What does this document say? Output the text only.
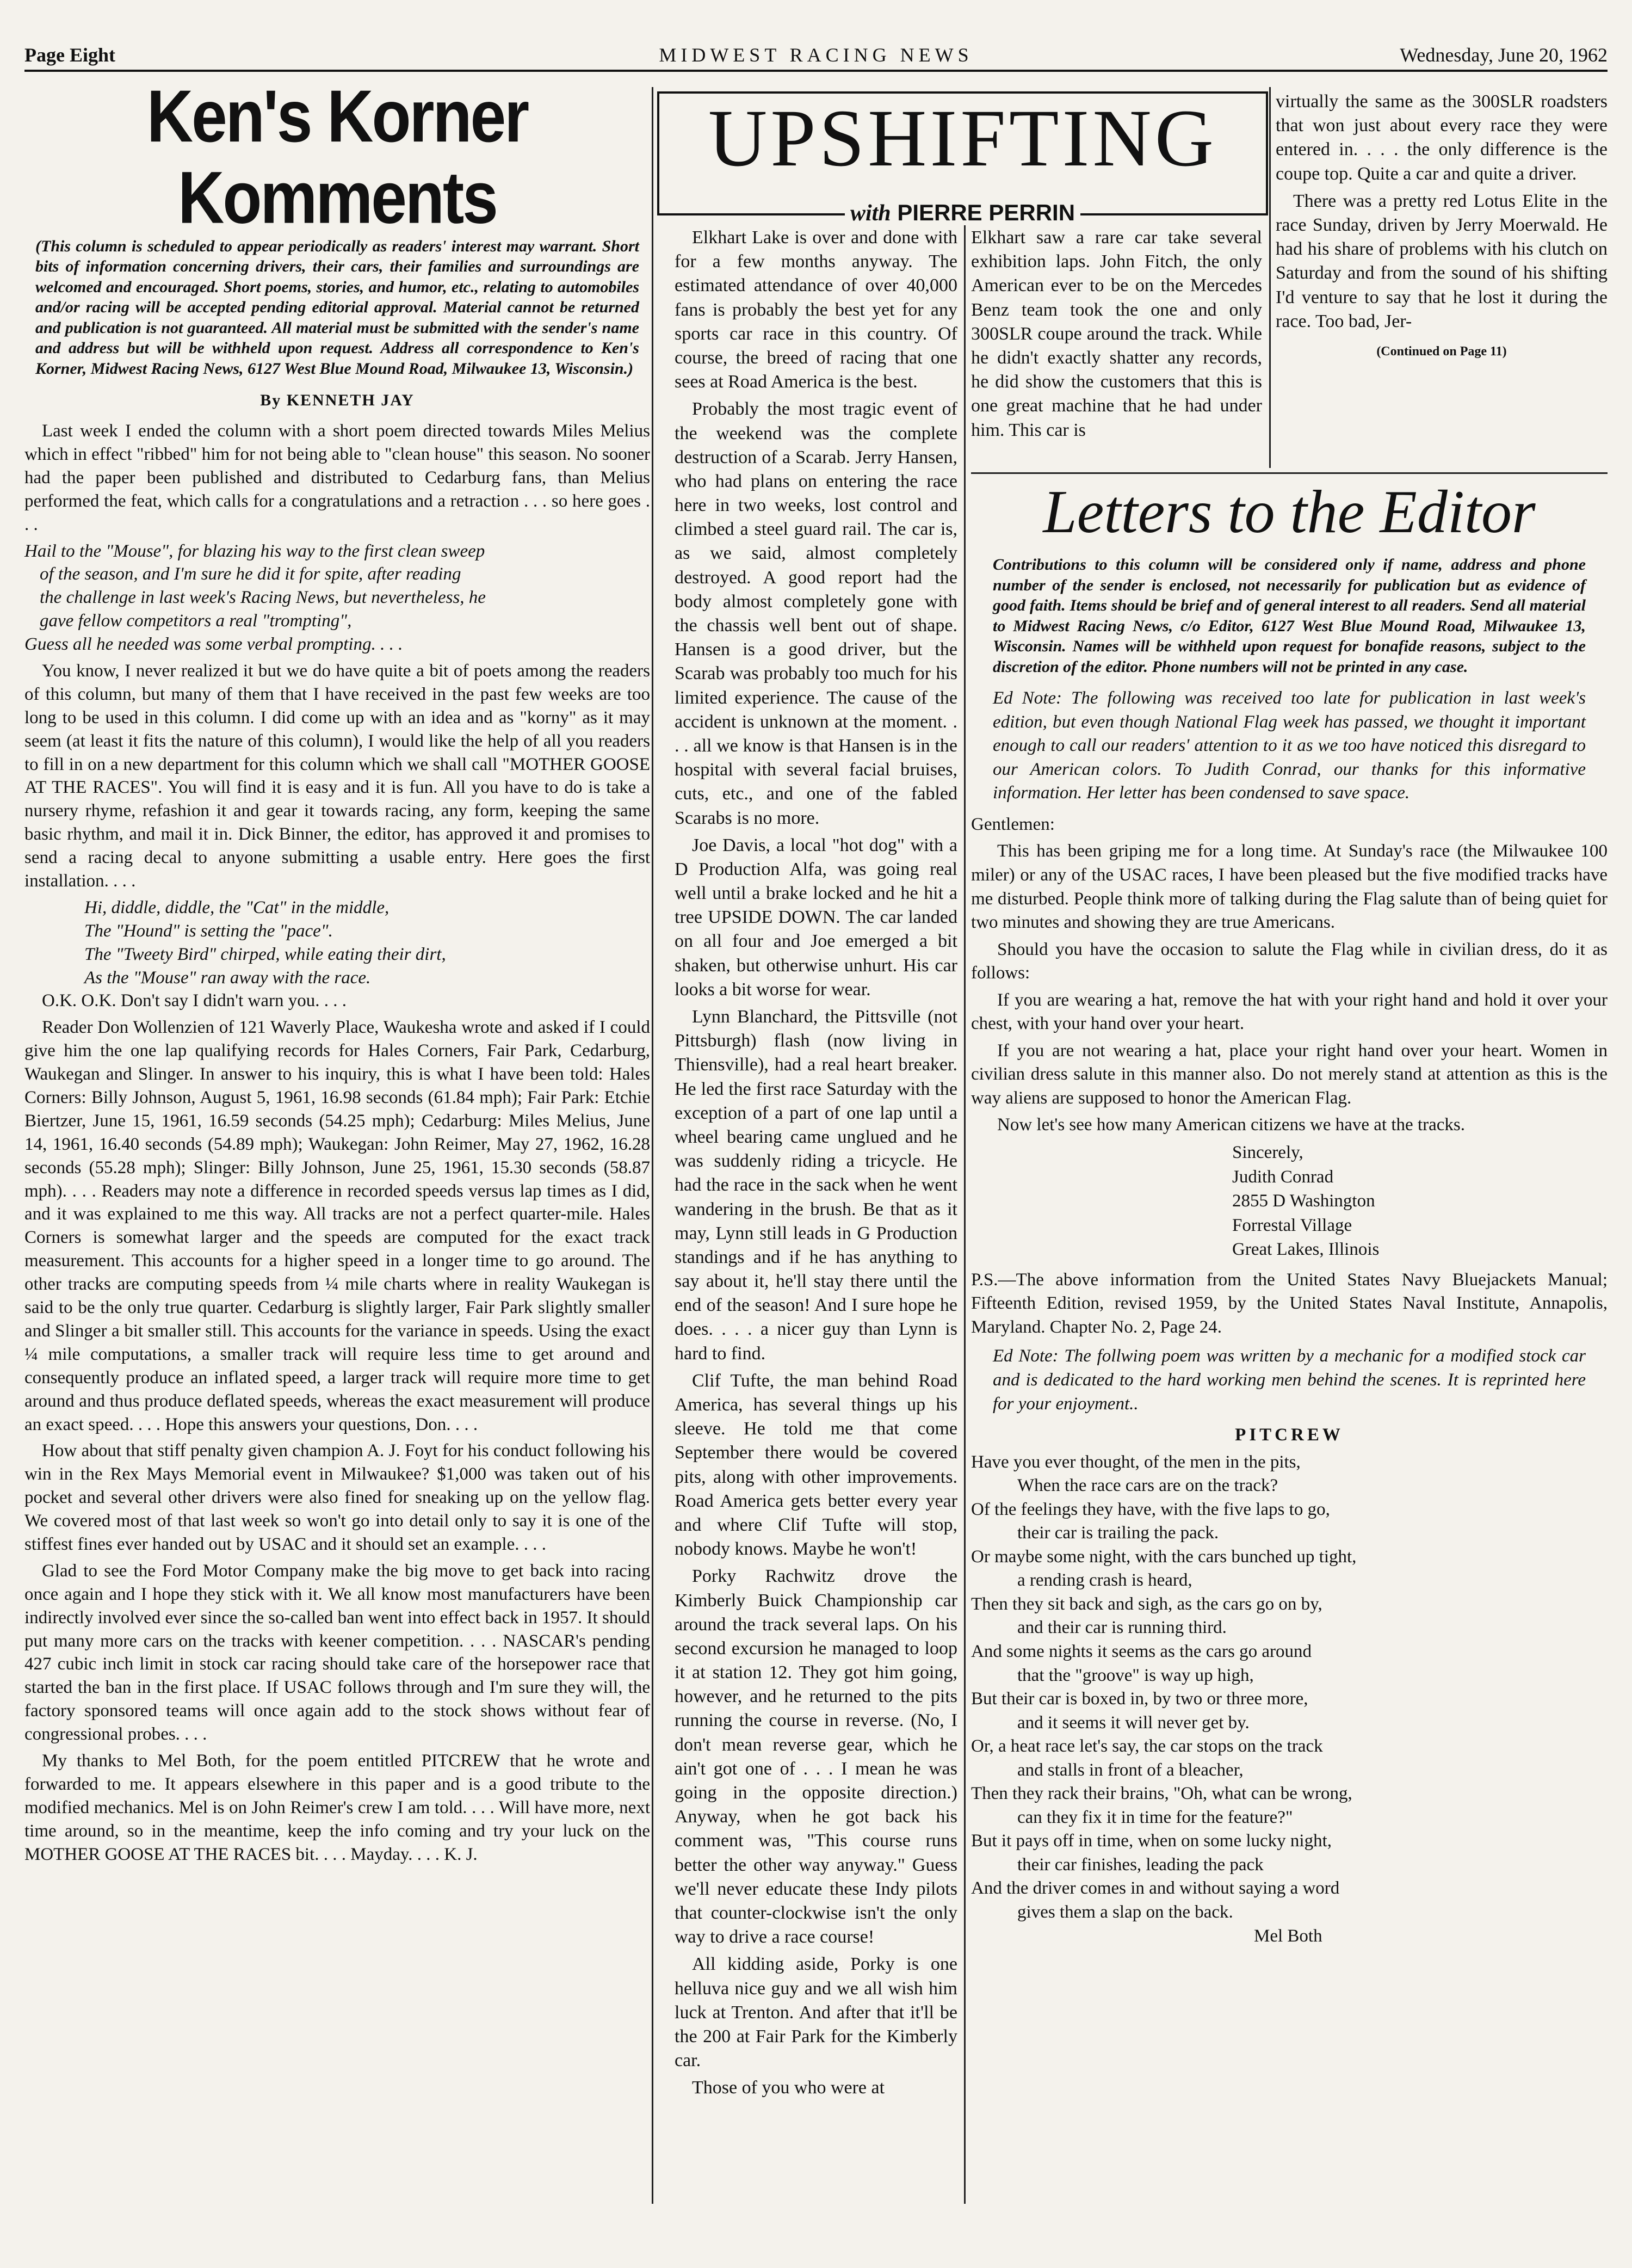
Page Eight	MIDWEST RACING NEWS	Wednesday, June 20, 1962
Ken's Korner Komments
(This column is scheduled to appear periodically as readers' interest may warrant. Short bits of information concerning drivers, their cars, their families and surroundings are welcomed and encouraged. Short poems, stories, and humor, etc., relating to automobiles and/or racing will be accepted pending editorial approval. Material cannot be returned and publication is not guaranteed. All material must be submitted with the sender's name and address but will be withheld upon request. Address all correspondence to Ken's Korner, Midwest Racing News, 6127 West Blue Mound Road, Milwaukee 13, Wisconsin.)
By KENNETH JAY

Last week I ended the column with a short poem directed towards Miles Melius which in effect "ribbed" him for not being able to "clean house" this season. No sooner had the paper been published and distributed to Cedarburg fans, than Melius performed the feat, which calls for a congratulations and a retraction . . . so here goes . . .

Hail to the "Mouse", for blazing his way to the first clean sweep
of the season, and I'm sure he did it for spite, after reading
the challenge in last week's Racing News, but nevertheless, he
gave fellow competitors a real "trompting",
Guess all he needed was some verbal prompting. . . .

You know, I never realized it but we do have quite a bit of poets among the readers of this column, but many of them that I have received in the past few weeks are too long to be used in this column. I did come up with an idea and as "korny" as it may seem (at least it fits the nature of this column), I would like the help of all you readers to fill in on a new department for this column which we shall call "MOTHER GOOSE AT THE RACES". You will find it is easy and it is fun. All you have to do is take a nursery rhyme, refashion it and gear it towards racing, any form, keeping the same basic rhythm, and mail it in. Dick Binner, the editor, has approved it and promises to send a racing decal to anyone submitting a usable entry. Here goes the first installation. . . .

Hi, diddle, diddle, the "Cat" in the middle,
The "Hound" is setting the "pace".
The "Tweety Bird" chirped, while eating their dirt,
As the "Mouse" ran away with the race.

O.K. O.K. Don't say I didn't warn you. . . .

Reader Don Wollenzien of 121 Waverly Place, Waukesha wrote and asked if I could give him the one lap qualifying records for Hales Corners, Fair Park, Cedarburg, Waukegan and Slinger. In answer to his inquiry, this is what I have been told: Hales Corners: Billy Johnson, August 5, 1961, 16.98 seconds (61.84 mph); Fair Park: Etchie Biertzer, June 15, 1961, 16.59 seconds (54.25 mph); Cedarburg: Miles Melius, June 14, 1961, 16.40 seconds (54.89 mph); Waukegan: John Reimer, May 27, 1962, 16.28 seconds (55.28 mph); Slinger: Billy Johnson, June 25, 1961, 15.30 seconds (58.87 mph). . . . Readers may note a difference in recorded speeds versus lap times as I did, and it was explained to me this way. All tracks are not a perfect quarter-mile. Hales Corners is somewhat larger and the speeds are computed for the exact track measurement. This accounts for a higher speed in a longer time to go around. The other tracks are computing speeds from ¼ mile charts where in reality Waukegan is said to be the only true quarter. Cedarburg is slightly larger, Fair Park slightly smaller and Slinger a bit smaller still. This accounts for the variance in speeds. Using the exact ¼ mile computations, a smaller track will require less time to get around and consequently produce an inflated speed, a larger track will require more time to get around and thus produce deflated speeds, whereas the exact measurement will produce an exact speed. . . . Hope this answers your questions, Don. . . .

How about that stiff penalty given champion A. J. Foyt for his conduct following his win in the Rex Mays Memorial event in Milwaukee? $1,000 was taken out of his pocket and several other drivers were also fined for sneaking up on the yellow flag. We covered most of that last week so won't go into detail only to say it is one of the stiffest fines ever handed out by USAC and it should set an example. . . .

Glad to see the Ford Motor Company make the big move to get back into racing once again and I hope they stick with it. We all know most manufacturers have been indirectly involved ever since the so-called ban went into effect back in 1957. It should put many more cars on the tracks with keener competition. . . . NASCAR's pending 427 cubic inch limit in stock car racing should take care of the horsepower race that started the ban in the first place. If USAC follows through and I'm sure they will, the factory sponsored teams will once again add to the stock shows without fear of congressional probes. . . .

My thanks to Mel Both, for the poem entitled PITCREW that he wrote and forwarded to me. It appears elsewhere in this paper and is a good tribute to the modified mechanics. Mel is on John Reimer's crew I am told. . . . Will have more, next time around, so in the meantime, keep the info coming and try your luck on the MOTHER GOOSE AT THE RACES bit. . . . Mayday. . . . K. J.

UPSHIFTING
with PIERRE PERRIN

Elkhart Lake is over and done with for a few months anyway. The estimated attendance of over 40,000 fans is probably the best yet for any sports car race in this country. Of course, the breed of racing that one sees at Road America is the best.

Probably the most tragic event of the weekend was the complete destruction of a Scarab. Jerry Hansen, who had plans on entering the race here in two weeks, lost control and climbed a steel guard rail. The car is, as we said, almost completely destroyed. A good report had the body almost completely gone with the chassis well bent out of shape. Hansen is a good driver, but the Scarab was probably too much for his limited experience. The cause of the accident is unknown at the moment. . . . all we know is that Hansen is in the hospital with several facial bruises, cuts, etc., and one of the fabled Scarabs is no more.

Joe Davis, a local "hot dog" with a D Production Alfa, was going real well until a brake locked and he hit a tree UPSIDE DOWN. The car landed on all four and Joe emerged a bit shaken, but otherwise unhurt. His car looks a bit worse for wear.

Lynn Blanchard, the Pittsville (not Pittsburgh) flash (now living in Thiensville), had a real heart breaker. He led the first race Saturday with the exception of a part of one lap until a wheel bearing came unglued and he was suddenly riding a tricycle. He had the race in the sack when he went wandering in the brush. Be that as it may, Lynn still leads in G Production standings and if he has anything to say about it, he'll stay there until the end of the season! And I sure hope he does. . . . a nicer guy than Lynn is hard to find.

Clif Tufte, the man behind Road America, has several things up his sleeve. He told me that come September there would be covered pits, along with other improvements. Road America gets better every year and where Clif Tufte will stop, nobody knows. Maybe he won't!

Porky Rachwitz drove the Kimberly Buick Championship car around the track several laps. On his second excursion he managed to loop it at station 12. They got him going, however, and he returned to the pits running the course in reverse. (No, I don't mean reverse gear, which he ain't got one of . . . I mean he was going in the opposite direction.) Anyway, when he got back his comment was, "This course runs better the other way anyway." Guess we'll never educate these Indy pilots that counter-clockwise isn't the only way to drive a race course!

All kidding aside, Porky is one helluva nice guy and we all wish him luck at Trenton. And after that it'll be the 200 at Fair Park for the Kimberly car.

Those of you who were at

Elkhart saw a rare car take several exhibition laps. John Fitch, the only American ever to be on the Mercedes Benz team took the one and only 300SLR coupe around the track. While he didn't exactly shatter any records, he did show the customers that this is one great machine that he had under him. This car is

virtually the same as the 300SLR roadsters that won just about every race they were entered in. . . . the only difference is the coupe top. Quite a car and quite a driver.

There was a pretty red Lotus Elite in the race Sunday, driven by Jerry Moerwald. He had his share of problems with his clutch on Saturday and from the sound of his shifting I'd venture to say that he lost it during the race. Too bad, Jer-

(Continued on Page 11)
Letters to the Editor
Contributions to this column will be considered only if name, address and phone number of the sender is enclosed, not necessarily for publication but as evidence of good faith. Items should be brief and of general interest to all readers. Send all material to Midwest Racing News, c/o Editor, 6127 West Blue Mound Road, Milwaukee 13, Wisconsin. Names will be withheld upon request for bonafide reasons, subject to the discretion of the editor. Phone numbers will not be printed in any case.
Ed Note: The following was received too late for publication in last week's edition, but even though National Flag week has passed, we thought it important enough to call our readers' attention to it as we too have noticed this disregard to our American colors. To Judith Conrad, our thanks for this informative information. Her letter has been condensed to save space.

Gentlemen:

This has been griping me for a long time. At Sunday's race (the Milwaukee 100 miler) or any of the USAC races, I have been pleased but the five modified tracks have me disturbed. People think more of talking during the Flag salute than of being quiet for two minutes and showing they are true Americans.

Should you have the occasion to salute the Flag while in civilian dress, do it as follows:

If you are wearing a hat, remove the hat with your right hand and hold it over your chest, with your hand over your heart.

If you are not wearing a hat, place your right hand over your heart. Women in civilian dress salute in this manner also. Do not merely stand at attention as this is the way aliens are supposed to honor the American Flag.

Now let's see how many American citizens we have at the tracks.

Sincerely,
Judith Conrad
2855 D Washington
Forrestal Village
Great Lakes, Illinois

P.S.—The above information from the United States Navy Bluejackets Manual; Fifteenth Edition, revised 1959, by the United States Naval Institute, Annapolis, Maryland. Chapter No. 2, Page 24.

Ed Note: The follwing poem was written by a mechanic for a modified stock car and is dedicated to the hard working men behind the scenes. It is reprinted here for your enjoyment..
PITCREW
Have you ever thought, of the men in the pits,
When the race cars are on the track?
Of the feelings they have, with the five laps to go,
their car is trailing the pack.
Or maybe some night, with the cars bunched up tight,
a rending crash is heard,
Then they sit back and sigh, as the cars go on by,
and their car is running third.
And some nights it seems as the cars go around
that the "groove" is way up high,
But their car is boxed in, by two or three more,
and it seems it will never get by.
Or, a heat race let's say, the car stops on the track
and stalls in front of a bleacher,
Then they rack their brains, "Oh, what can be wrong,
can they fix it in time for the feature?"
But it pays off in time, when on some lucky night,
their car finishes, leading the pack
And the driver comes in and without saying a word
gives them a slap on the back.
Mel Both
